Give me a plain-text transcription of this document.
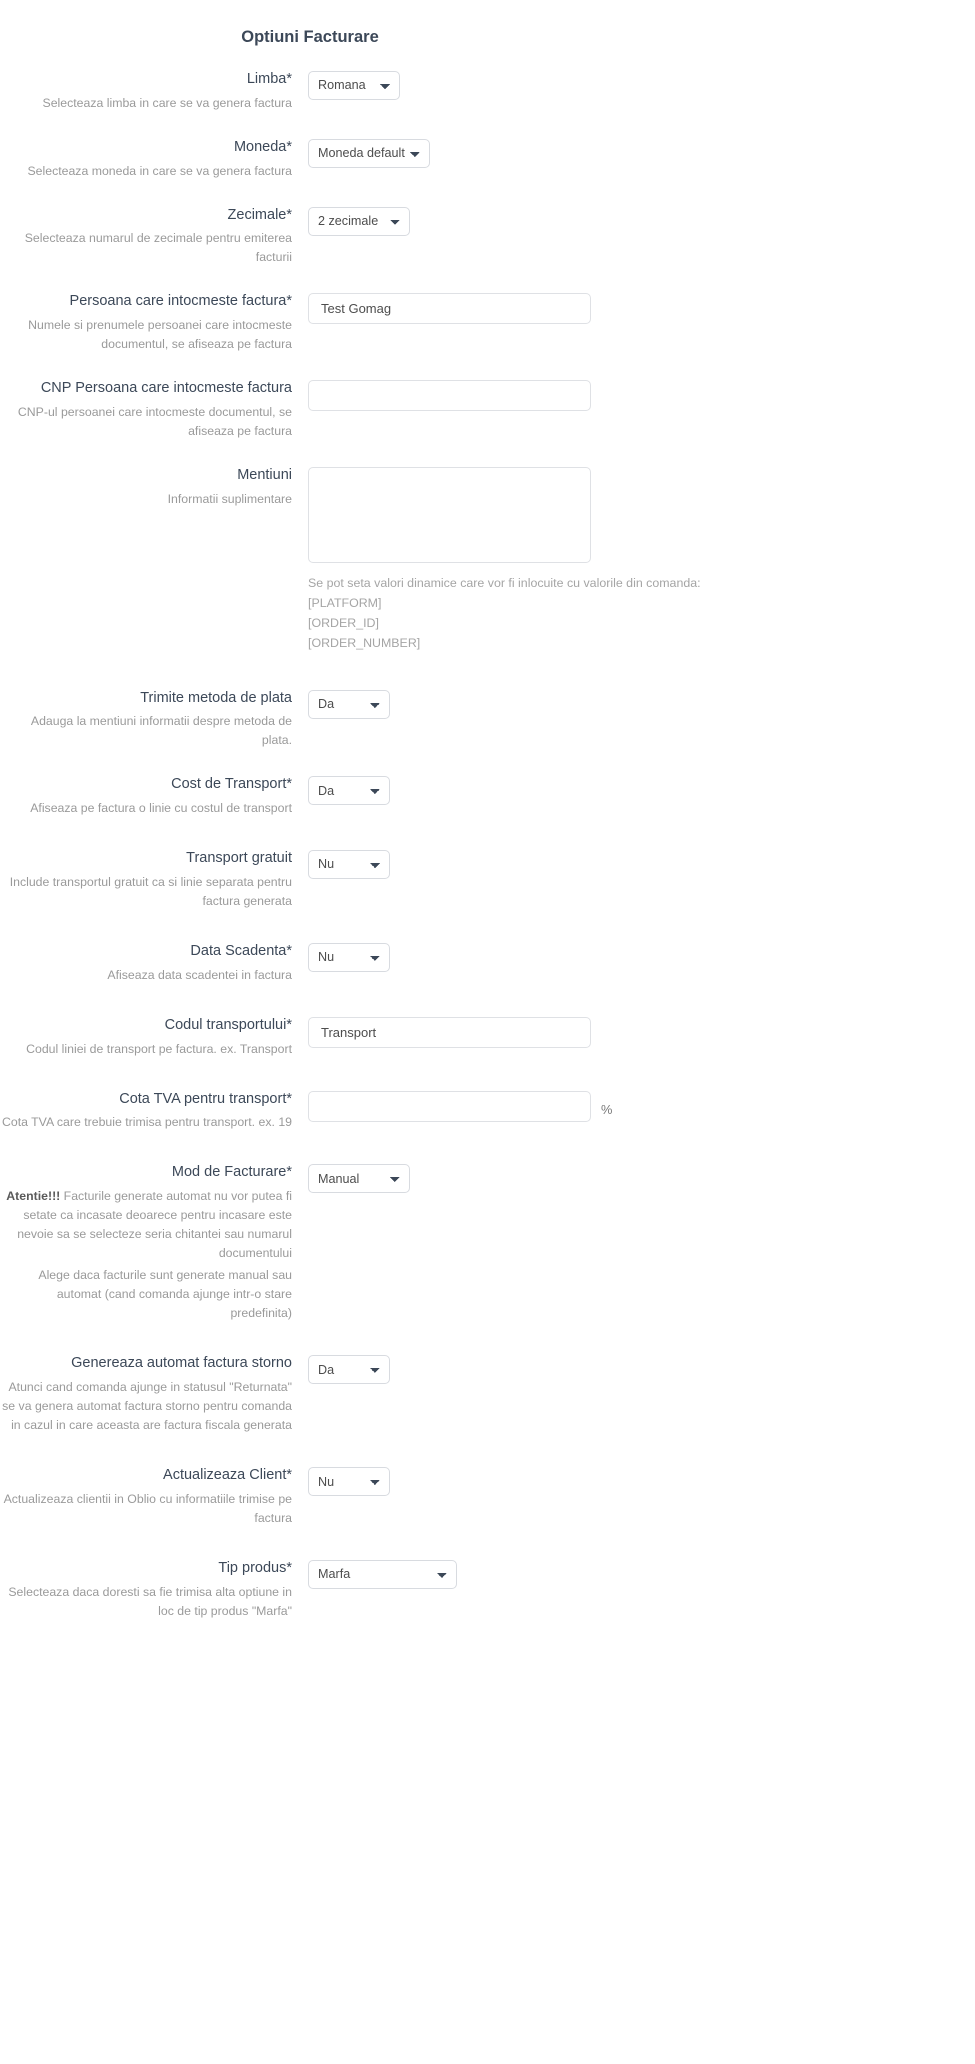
Optiuni Facturare
Limba*
Selecteaza limba in care se va genera factura
Romana
Moneda*
Selecteaza moneda in care se va genera factura
Moneda default
Zecimale*
Selecteaza numarul de zecimale pentru emiterea facturii
2 zecimale
Persoana care intocmeste factura*
Numele si prenumele persoanei care intocmeste documentul, se afiseaza pe factura
Test Gomag
CNP Persoana care intocmeste factura
CNP-ul persoanei care intocmeste documentul, se afiseaza pe factura
Mentiuni
Informatii suplimentare
Se pot seta valori dinamice care vor fi inlocuite cu valorile din comanda:
[PLATFORM]
[ORDER_ID]
[ORDER_NUMBER]
Trimite metoda de plata
Adauga la mentiuni informatii despre metoda de plata.
Da
Cost de Transport*
Afiseaza pe factura o linie cu costul de transport
Da
Transport gratuit
Include transportul gratuit ca si linie separata pentru factura generata
Nu
Data Scadenta*
Afiseaza data scadentei in factura
Nu
Codul transportului*
Codul liniei de transport pe factura. ex. Transport
Transport
Cota TVA pentru transport*
Cota TVA care trebuie trimisa pentru transport. ex. 19
%
Mod de Facturare*
Atentie!!! Facturile generate automat nu vor putea fi setate ca incasate deoarece pentru incasare este nevoie sa se selecteze seria chitantei sau numarul documentului
Alege daca facturile sunt generate manual sau automat (cand comanda ajunge intr-o stare predefinita)
Manual
Genereaza automat factura storno
Atunci cand comanda ajunge in statusul "Returnata" se va genera automat factura storno pentru comanda in cazul in care aceasta are factura fiscala generata
Da
Actualizeaza Client*
Actualizeaza clientii in Oblio cu informatiile trimise pe factura
Nu
Tip produs*
Selecteaza daca doresti sa fie trimisa alta optiune in loc de tip produs "Marfa"
Marfa
